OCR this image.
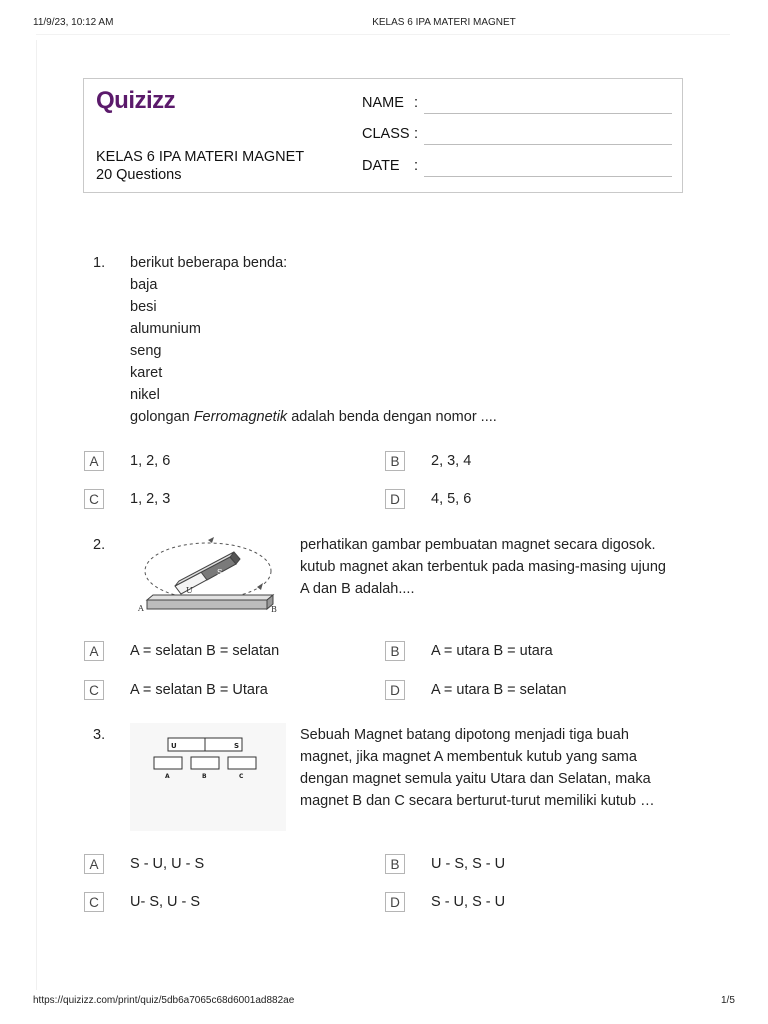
11/9/23, 10:12 AM	KELAS 6 IPA MATERI MAGNET
Quizizz
KELAS 6 IPA MATERI MAGNET
20 Questions
NAME :
CLASS :
DATE :
1. berikut beberapa benda:
baja
besi
alumunium
seng
karet
nikel
golongan Ferromagnetik adalah benda dengan nomor ....
A	1, 2, 6	B	2, 3, 4
C	1, 2, 3	D	4, 5, 6
2.
U
S
A	B
perhatikan gambar pembuatan magnet secara digosok.
kutub magnet akan terbentuk pada masing-masing ujung
A dan B adalah....
A	A = selatan B = selatan	B	A = utara B = utara
C	A = selatan B = Utara	D	A = utara B = selatan
3.
U	S
A	B	C
Sebuah Magnet batang dipotong menjadi tiga buah
magnet, jika magnet A membentuk kutub yang sama
dengan magnet semula yaitu Utara dan Selatan, maka
magnet B dan C secara berturut-turut memiliki kutub …
A	S - U, U - S	B	U - S, S - U
C	U- S, U - S	D	S - U, S - U
https://quizizz.com/print/quiz/5db6a7065c68d6001ad882ae	1/5
